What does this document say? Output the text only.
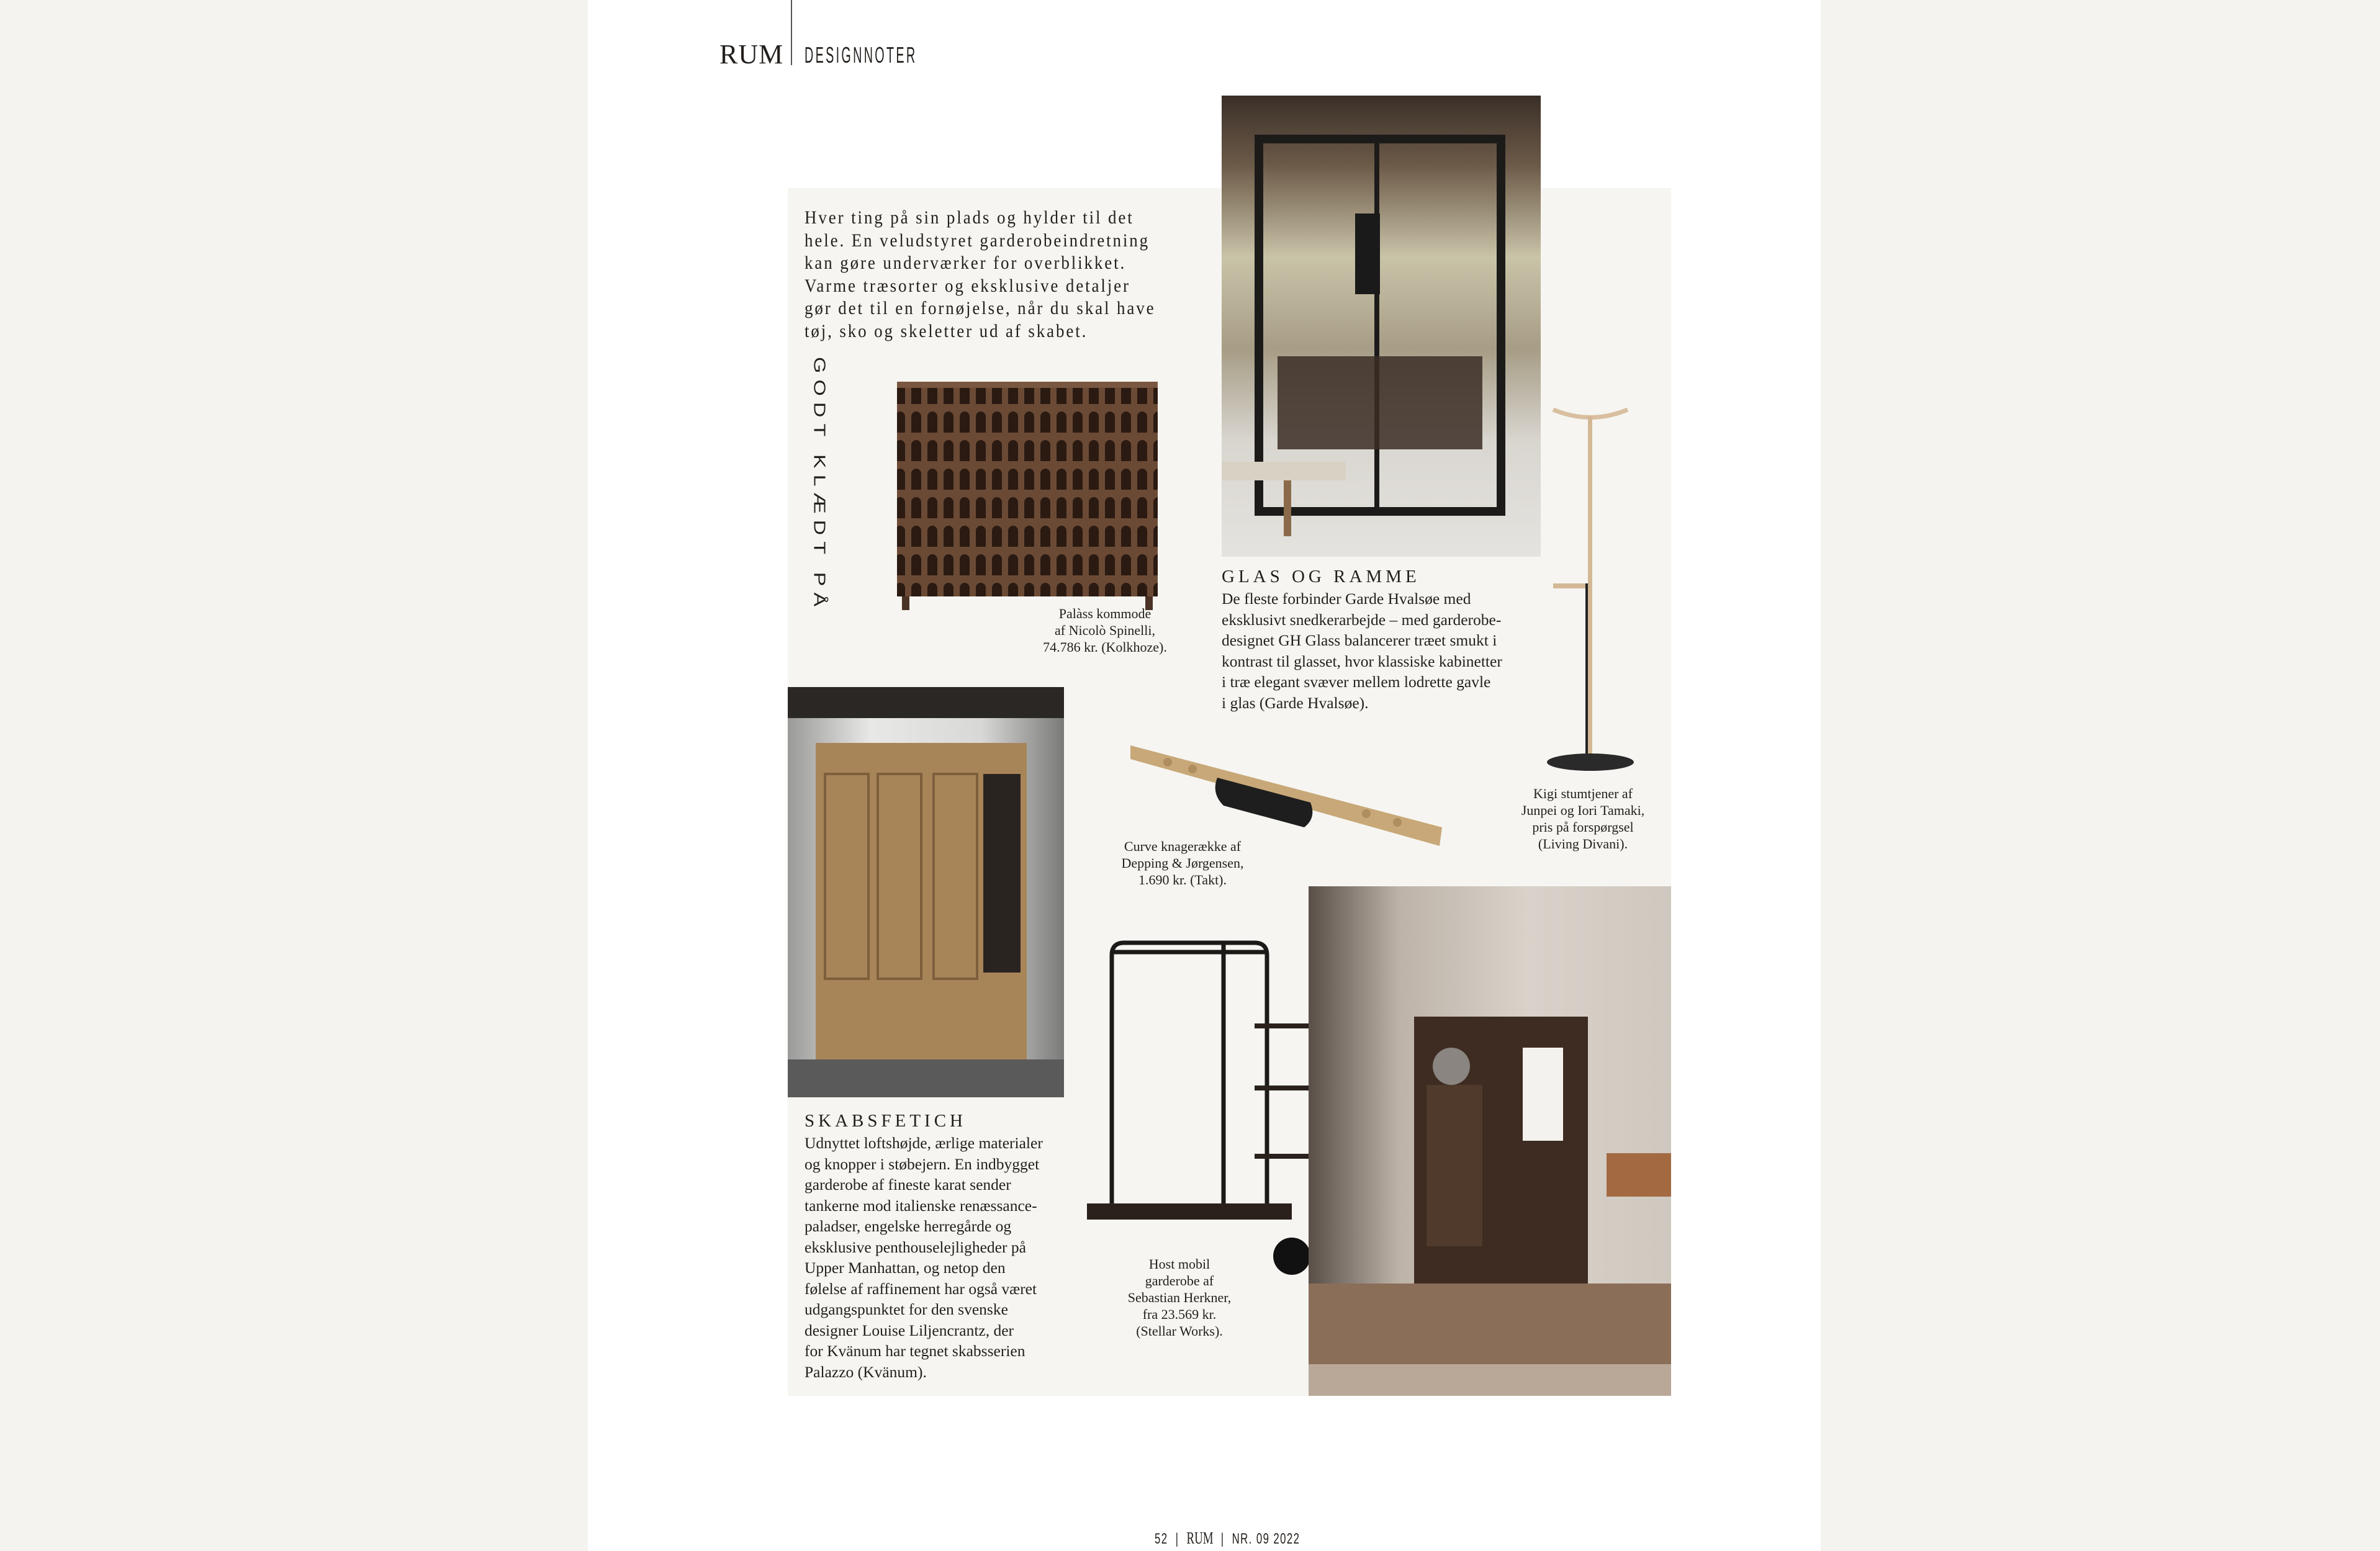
RUM DESIGNNOTER
Hver ting på sin plads og hylder til det
hele. En veludstyret garderobeindretning
kan gøre underværker for overblikket.
Varme træsorter og eksklusive detaljer
gør det til en fornøjelse, når du skal have
tøj, sko og skeletter ud af skabet.
GODT KLÆDT PÅ
Palàss kommode
af Nicolò Spinelli,
74.786 kr. (Kolkhoze).
GLAS OG RAMME
De fleste forbinder Garde Hvalsøe med
eksklusivt snedkerarbejde – med garderobe-
designet GH Glass balancerer træet smukt i
kontrast til glasset, hvor klassiske kabinetter
i træ elegant svæver mellem lodrette gavle
i glas (Garde Hvalsøe).
Kigi stumtjener af
Junpei og Iori Tamaki,
pris på forspørgsel
(Living Divani).
SKABSFETICH
Udnyttet loftshøjde, ærlige materialer
og knopper i støbejern. En indbygget
garderobe af fineste karat sender
tankerne mod italienske renæssance-
paladser, engelske herregårde og
eksklusive penthouselejligheder på
Upper Manhattan, og netop den
følelse af raffinement har også været
udgangspunktet for den svenske
designer Louise Liljencrantz, der
for Kvänum har tegnet skabsserien
Palazzo (Kvänum).
Curve knagerække af
Depping & Jørgensen,
1.690 kr. (Takt).
Host mobil
garderobe af
Sebastian Herkner,
fra 23.569 kr.
(Stellar Works).
52  |  RUM  |  NR. 09 2022
